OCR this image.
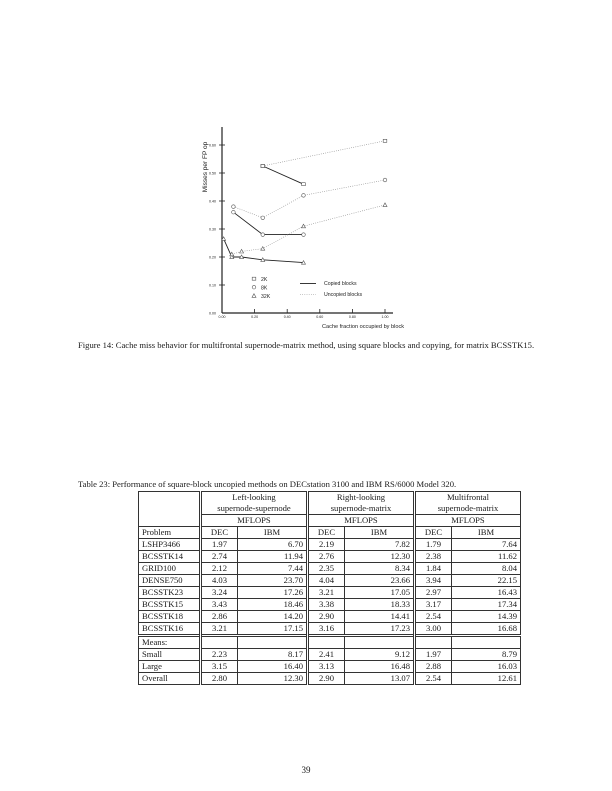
0.00
0.10
0.20
0.30
0.40
0.50
0.60
0.00	0.20	0.40	0.60	0.80	1.00
2K
8K
32K
Copied blocks
Uncopied blocks
Misses per FP op
Cache fraction occupied by block
Figure 14: Cache miss behavior for multifrontal supernode-matrix method, using square blocks and copying, for matrix BCSSTK15.
Table 23: Performance of square-block uncopied methods on DECstation 3100 and IBM RS/6000 Model 320.

Left-looking
supernode-supernode

Right-looking
supernode-matrix

Multifrontal
supernode-matrix

	MFLOPS		MFLOPS		MFLOPS	
Problem	DEC	IBM	DEC	IBM	DEC	IBM
LSHP3466	1.97	6.70	2.19	7.82	1.79	7.64
BCSSTK14	2.74	11.94	2.76	12.30	2.38	11.62
GRID100	2.12	7.44	2.35	8.34	1.84	8.04
DENSE750	4.03	23.70	4.04	23.66	3.94	22.15
BCSSTK23	3.24	17.26	3.21	17.05	2.97	16.43
BCSSTK15	3.43	18.46	3.38	18.33	3.17	17.34
BCSSTK18	2.86	14.20	2.90	14.41	2.54	14.39
BCSSTK16	3.21	17.15	3.16	17.23	3.00	16.68
Means:						
Small	2.23	8.17	2.41	9.12	1.97	8.79
Large	3.15	16.40	3.13	16.48	2.88	16.03
Overall	2.80	12.30	2.90	13.07	2.54	12.61
39
